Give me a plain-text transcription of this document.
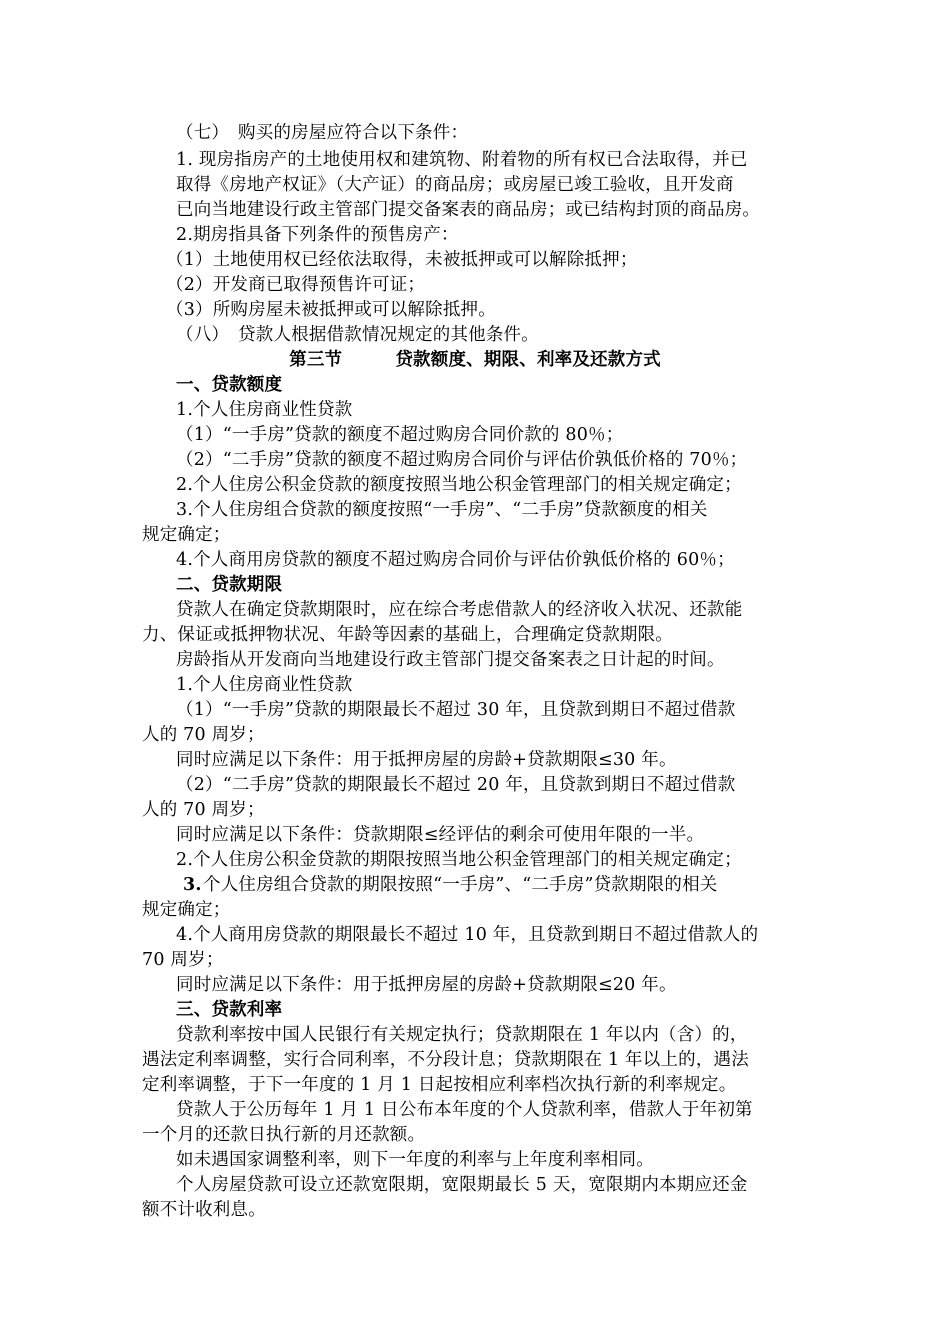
（七）　购买的房屋应符合以下条件：
1. 现房指房产的土地使用权和建筑物、附着物的所有权已合法取得，并已
取得《房地产权证》（大产证）的商品房；或房屋已竣工验收，且开发商
已向当地建设行政主管部门提交备案表的商品房；或已结构封顶的商品房。
2.期房指具备下列条件的预售房产：
（1）土地使用权已经依法取得，未被抵押或可以解除抵押；
（2）开发商已取得预售许可证；
（3）所购房屋未被抵押或可以解除抵押。
（八）　贷款人根据借款情况规定的其他条件。
第三节　　　贷款额度、期限、利率及还款方式
一、贷款额度
1.个人住房商业性贷款
（1）“一手房”贷款的额度不超过购房合同价款的 80％；
（2）“二手房”贷款的额度不超过购房合同价与评估价孰低价格的 70％；
2.个人住房公积金贷款的额度按照当地公积金管理部门的相关规定确定；
3.个人住房组合贷款的额度按照“一手房”、“二手房”贷款额度的相关
规定确定；
4.个人商用房贷款的额度不超过购房合同价与评估价孰低价格的 60％；
二、贷款期限
贷款人在确定贷款期限时，应在综合考虑借款人的经济收入状况、还款能
力、保证或抵押物状况、年龄等因素的基础上，合理确定贷款期限。
房龄指从开发商向当地建设行政主管部门提交备案表之日计起的时间。
1.个人住房商业性贷款
（1）“一手房”贷款的期限最长不超过 30 年，且贷款到期日不超过借款
人的 70 周岁；
同时应满足以下条件：用于抵押房屋的房龄+贷款期限≤30 年。
（2）“二手房”贷款的期限最长不超过 20 年，且贷款到期日不超过借款
人的 70 周岁；
同时应满足以下条件：贷款期限≤经评估的剩余可使用年限的一半。
2.个人住房公积金贷款的期限按照当地公积金管理部门的相关规定确定；
3. 个人住房组合贷款的期限按照“一手房”、“二手房”贷款期限的相关
规定确定；
4.个人商用房贷款的期限最长不超过 10 年，且贷款到期日不超过借款人的
70 周岁；
同时应满足以下条件：用于抵押房屋的房龄+贷款期限≤20 年。
三、贷款利率
贷款利率按中国人民银行有关规定执行；贷款期限在 1 年以内（含）的，
遇法定利率调整，实行合同利率，不分段计息；贷款期限在 1 年以上的，遇法
定利率调整，于下一年度的 1 月 1 日起按相应利率档次执行新的利率规定。
贷款人于公历每年 1 月 1 日公布本年度的个人贷款利率，借款人于年初第
一个月的还款日执行新的月还款额。
如未遇国家调整利率，则下一年度的利率与上年度利率相同。
个人房屋贷款可设立还款宽限期，宽限期最长 5 天，宽限期内本期应还金
额不计收利息。
